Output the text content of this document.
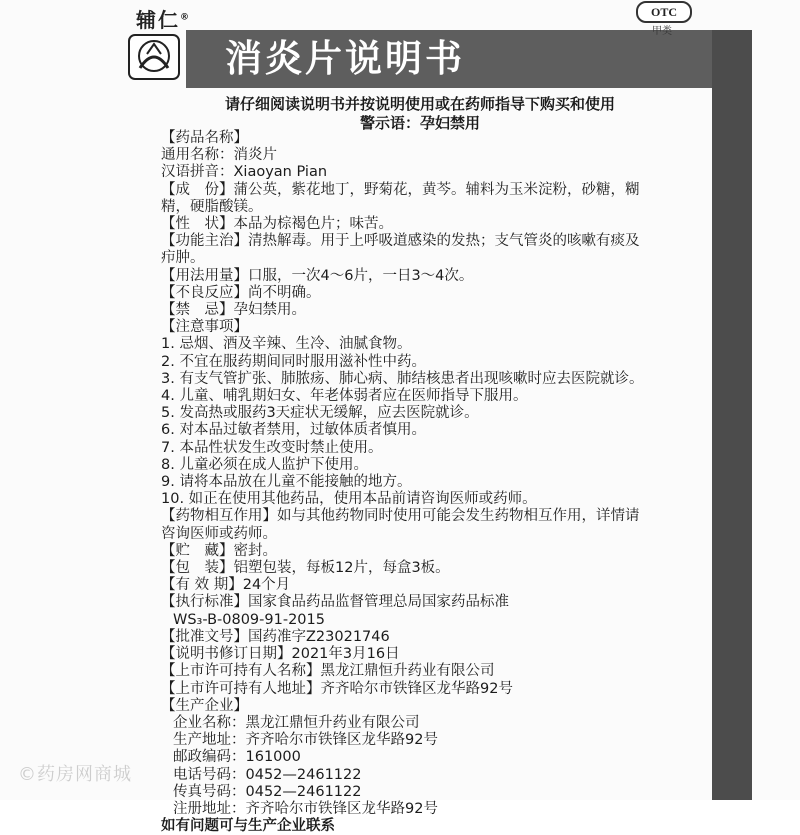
辅仁®
消炎片说明书
OTC
甲类
请仔细阅读说明书并按说明使用或在药师指导下购买和使用
警示语：孕妇禁用
【药品名称】
通用名称：消炎片
汉语拼音：Xiaoyan Pian
【成　份】蒲公英，紫花地丁，野菊花，黄芩。辅料为玉米淀粉，砂糖，糊精，硬脂酸镁。
【性　状】本品为棕褐色片；味苦。
【功能主治】清热解毒。用于上呼吸道感染的发热；支气管炎的咳嗽有痰及疖肿。
【用法用量】口服，一次4～6片，一日3～4次。
【不良反应】尚不明确。
【禁　忌】孕妇禁用。
【注意事项】
1. 忌烟、酒及辛辣、生冷、油腻食物。
2. 不宜在服药期间同时服用滋补性中药。
3. 有支气管扩张、肺脓疡、肺心病、肺结核患者出现咳嗽时应去医院就诊。
4. 儿童、哺乳期妇女、年老体弱者应在医师指导下服用。
5. 发高热或服药3天症状无缓解，应去医院就诊。
6. 对本品过敏者禁用，过敏体质者慎用。
7. 本品性状发生改变时禁止使用。
8. 儿童必须在成人监护下使用。
9. 请将本品放在儿童不能接触的地方。
10. 如正在使用其他药品，使用本品前请咨询医师或药师。
【药物相互作用】如与其他药物同时使用可能会发生药物相互作用，详情请咨询医师或药师。
【贮　藏】密封。
【包　装】铝塑包装，每板12片，每盒3板。
【有 效 期】24个月
【执行标准】国家食品药品监督管理总局国家药品标准
WS₃-B-0809-91-2015
【批准文号】国药准字Z23021746
【说明书修订日期】2021年3月16日
【上市许可持有人名称】黑龙江鼎恒升药业有限公司
【上市许可持有人地址】齐齐哈尔市铁锋区龙华路92号
【生产企业】
企业名称：黑龙江鼎恒升药业有限公司
生产地址：齐齐哈尔市铁锋区龙华路92号
邮政编码：161000
电话号码：0452—2461122
传真号码：0452—2461122
注册地址：齐齐哈尔市铁锋区龙华路92号
如有问题可与生产企业联系
©药房网商城
